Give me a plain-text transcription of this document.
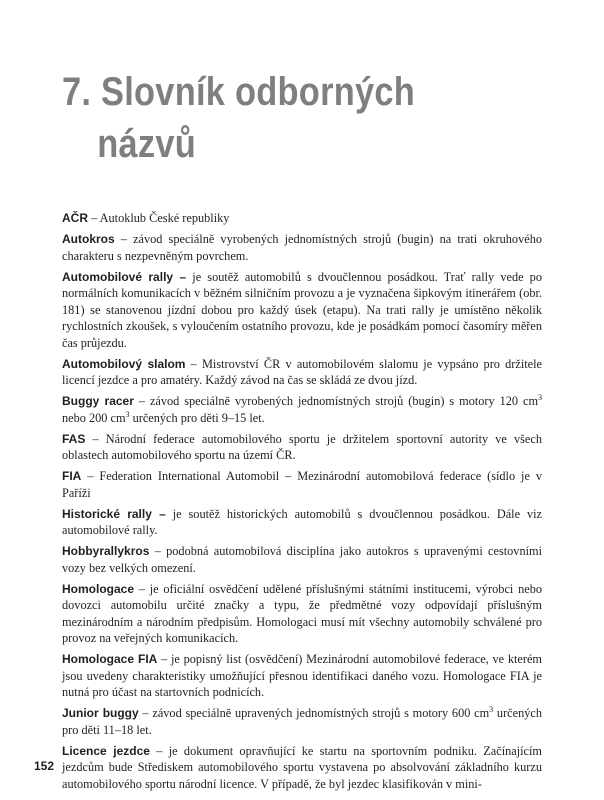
7. Slovník odborných
názvů

AČR – Autoklub České republiky

Autokros – závod speciálně vyrobených jednomístných strojů (bugin) na trati okruhového charakteru s nezpevněným povrchem.

Automobilové rally – je soutěž automobilů s dvoučlennou posádkou. Trať rally vede po normálních komunikacích v běžném silničním provozu a je vyznačena šipkovým itinerářem (obr. 181) se stanovenou jízdní dobou pro každý úsek (etapu). Na trati rally je umístěno několik rychlostních zkoušek, s vyloučením ostatního provozu, kde je posádkám pomocí časomíry měřen čas průjezdu.

Automobilový slalom – Mistrovství ČR v automobilovém slalomu je vypsáno pro držitele licencí jezdce a pro amatéry. Každý závod na čas se skládá ze dvou jízd.

Buggy racer – závod speciálně vyrobených jednomístných strojů (bugin) s motory 120 $cm^3$ nebo 200 $cm^3$ určených pro děti 9–15 let.

FAS – Národní federace automobilového sportu je držitelem sportovní autority ve všech oblastech automobilového sportu na území ČR.

FIA – Federation International Automobil – Mezinárodní automobilová federace (sídlo je v Paříži

Historické rally – je soutěž historických automobilů s dvoučlennou posádkou. Dále viz automobilové rally.

Hobbyrallykros – podobná automobilová disciplína jako autokros s upravenými cestovními vozy bez velkých omezení.

Homologace – je oficiální osvědčení udělené příslušnými státními institucemi, výrobci nebo dovozci automobilu určité značky a typu, že předmětné vozy odpovídají příslušným mezinárodním a národním předpisům. Homologaci musí mít všechny automobily schválené pro provoz na veřejných komunikacích.

Homologace FIA – je popisný list (osvědčení) Mezinárodní automobilové federace, ve kterém jsou uvedeny charakteristiky umožňující přesnou identifikaci daného vozu. Homologace FIA je nutná pro účast na startovních podnicích.

Junior buggy – závod speciálně upravených jednomístných strojů s motory 600 $cm^3$ určených pro děti 11–18 let.

Licence jezdce – je dokument opravňující ke startu na sportovním podniku. Začínajícím jezdcům bude Střediskem automobilového sportu vystavena po absolvování základního kurzu automobilového sportu národní licence. V případě, že byl jezdec klasifikován v mini-

152
